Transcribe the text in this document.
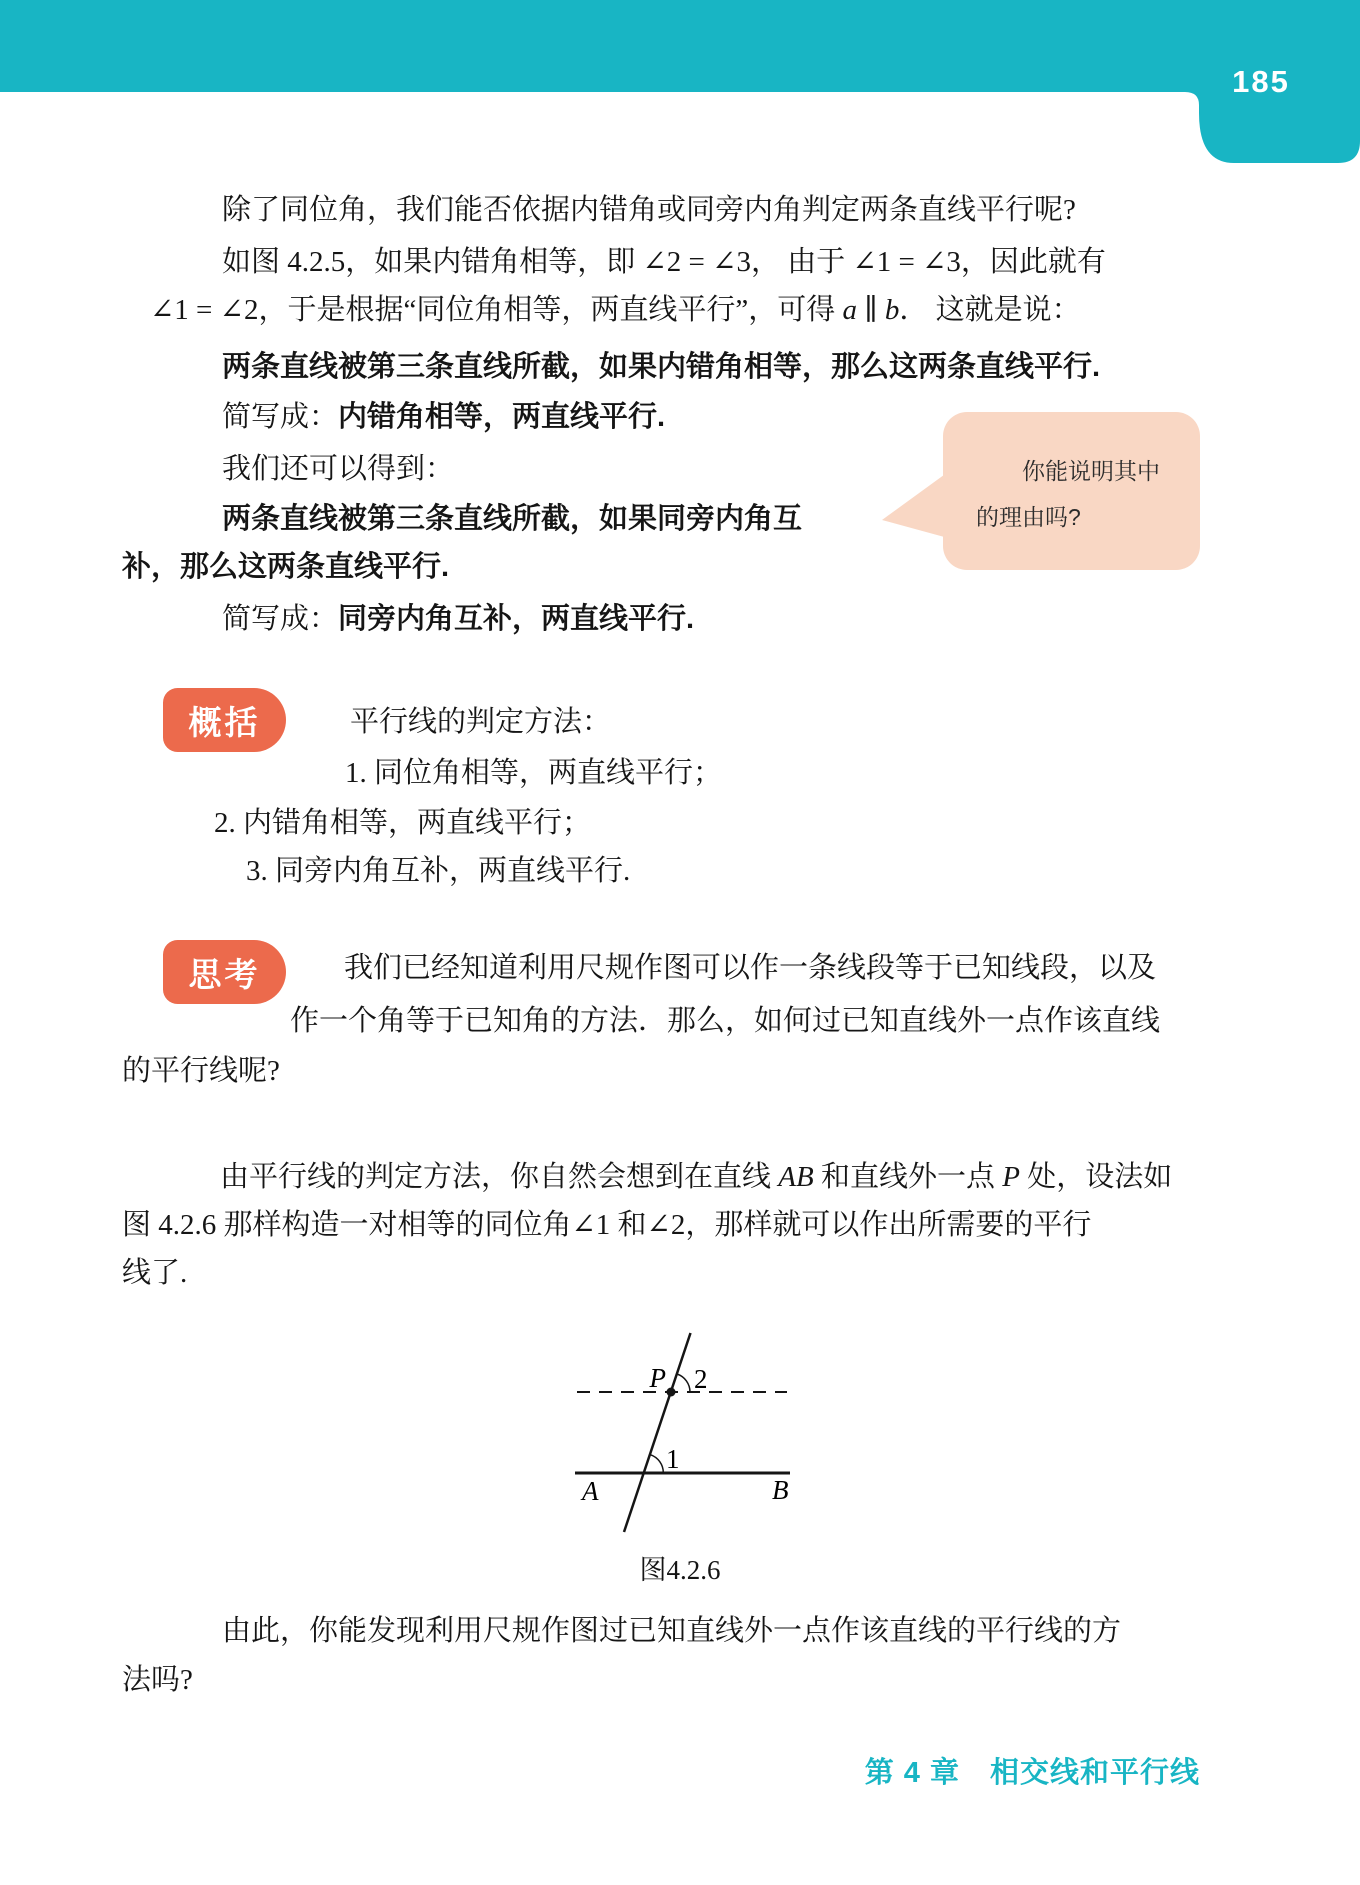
185
除了同位角，我们能否依据内错角或同旁内角判定两条直线平行呢?
如图 4.2.5，如果内错角相等，即 ∠2 = ∠3， 由于 ∠1 = ∠3，因此就有
∠1 = ∠2，于是根据“同位角相等，两直线平行”，可得 a ∥ b． 这就是说：
两条直线被第三条直线所截，如果内错角相等，那么这两条直线平行.
简写成：内错角相等，两直线平行.
我们还可以得到：
两条直线被第三条直线所截，如果同旁内角互
补，那么这两条直线平行.
简写成：同旁内角互补，两直线平行.
你能说明其中的理由吗?
概括	平行线的判定方法：
1. 同位角相等，两直线平行；
2. 内错角相等，两直线平行；
3. 同旁内角互补，两直线平行.
思考	我们已经知道利用尺规作图可以作一条线段等于已知线段，以及
作一个角等于已知角的方法．那么，如何过已知直线外一点作该直线
的平行线呢?
由平行线的判定方法，你自然会想到在直线 AB 和直线外一点 P 处，设法如
图 4.2.6 那样构造一对相等的同位角∠1 和∠2，那样就可以作出所需要的平行
线了.
P 2
1
A	B
图4.2.6
由此，你能发现利用尺规作图过已知直线外一点作该直线的平行线的方
法吗?
第 4 章　相交线和平行线
